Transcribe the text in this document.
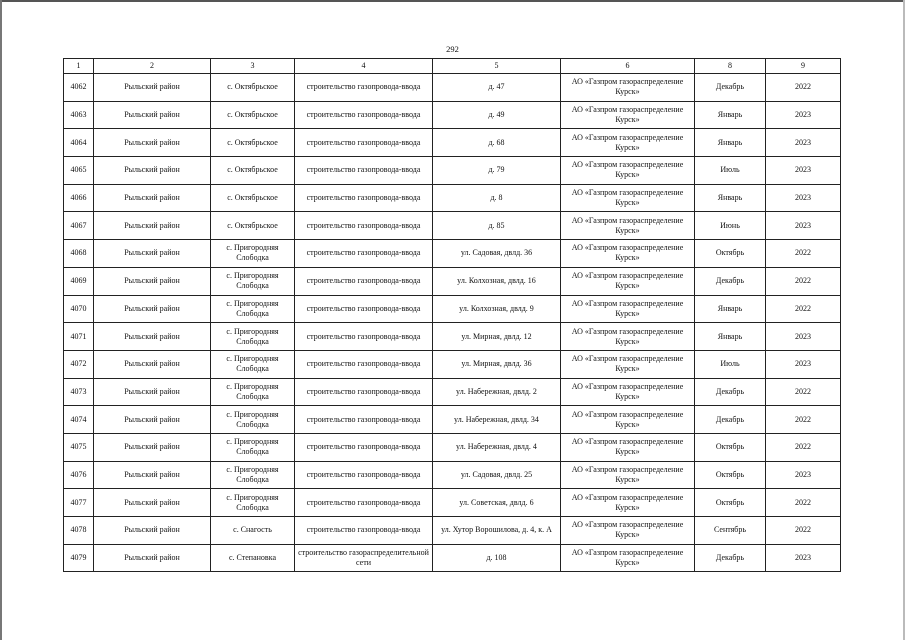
292
1	2	3	4	5	6	8	9
4062	Рыльский район	с. Октябрьское	строительство газопровода-ввода	д. 47	АО «Газпром газораспределение Курск»	Декабрь	2022
4063	Рыльский район	с. Октябрьское	строительство газопровода-ввода	д. 49	АО «Газпром газораспределение Курск»	Январь	2023
4064	Рыльский район	с. Октябрьское	строительство газопровода-ввода	д. 68	АО «Газпром газораспределение Курск»	Январь	2023
4065	Рыльский район	с. Октябрьское	строительство газопровода-ввода	д. 79	АО «Газпром газораспределение Курск»	Июль	2023
4066	Рыльский район	с. Октябрьское	строительство газопровода-ввода	д. 8	АО «Газпром газораспределение Курск»	Январь	2023
4067	Рыльский район	с. Октябрьское	строительство газопровода-ввода	д. 85	АО «Газпром газораспределение Курск»	Июнь	2023
4068	Рыльский район	с. Пригородняя Слободка	строительство газопровода-ввода	ул. Садовая, двлд. 36	АО «Газпром газораспределение Курск»	Октябрь	2022
4069	Рыльский район	с. Пригородняя Слободка	строительство газопровода-ввода	ул. Колхозная, двлд. 16	АО «Газпром газораспределение Курск»	Декабрь	2022
4070	Рыльский район	с. Пригородняя Слободка	строительство газопровода-ввода	ул. Колхозная, двлд. 9	АО «Газпром газораспределение Курск»	Январь	2022
4071	Рыльский район	с. Пригородняя Слободка	строительство газопровода-ввода	ул. Мирная, двлд. 12	АО «Газпром газораспределение Курск»	Январь	2023
4072	Рыльский район	с. Пригородняя Слободка	строительство газопровода-ввода	ул. Мирная, двлд. 36	АО «Газпром газораспределение Курск»	Июль	2023
4073	Рыльский район	с. Пригородняя Слободка	строительство газопровода-ввода	ул. Набережная, двлд. 2	АО «Газпром газораспределение Курск»	Декабрь	2022
4074	Рыльский район	с. Пригородняя Слободка	строительство газопровода-ввода	ул. Набережная, двлд. 34	АО «Газпром газораспределение Курск»	Декабрь	2022
4075	Рыльский район	с. Пригородняя Слободка	строительство газопровода-ввода	ул. Набережная, двлд. 4	АО «Газпром газораспределение Курск»	Октябрь	2022
4076	Рыльский район	с. Пригородняя Слободка	строительство газопровода-ввода	ул. Садовая, двлд. 25	АО «Газпром газораспределение Курск»	Октябрь	2023
4077	Рыльский район	с. Пригородняя Слободка	строительство газопровода-ввода	ул. Советская, двлд. 6	АО «Газпром газораспределение Курск»	Октябрь	2022
4078	Рыльский район	с. Снагость	строительство газопровода-ввода	ул. Хутор Ворошилова, д. 4, к. А	АО «Газпром газораспределение Курск»	Сентябрь	2022
4079	Рыльский район	с. Степановка	строительство газораспределительной сети	д. 108	АО «Газпром газораспределение Курск»	Декабрь	2023
